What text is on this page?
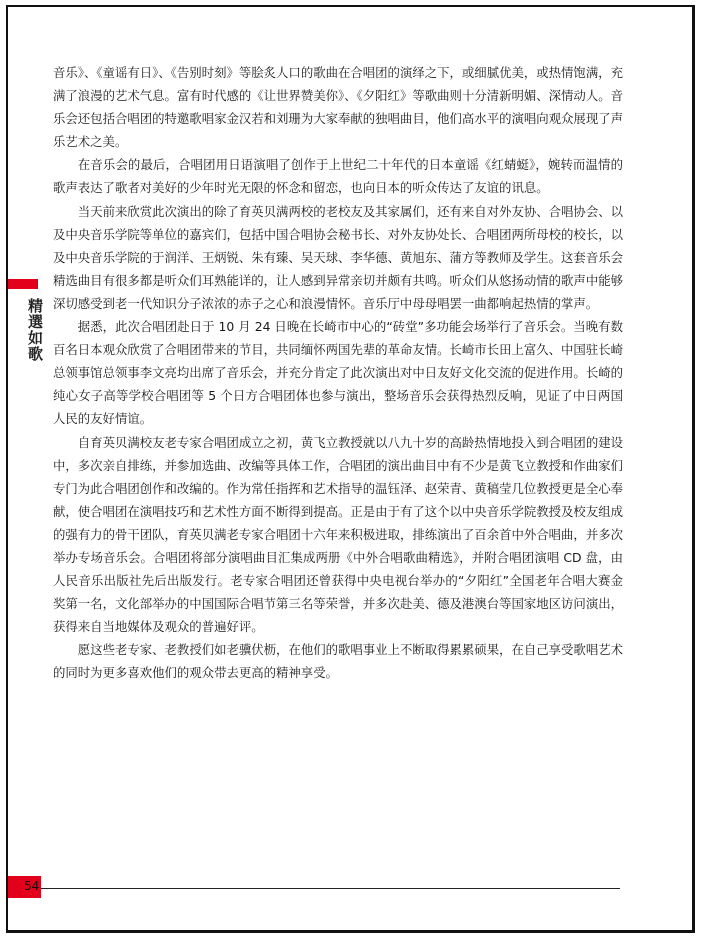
精選如歌

音乐》、《童谣有日》、《告别时刻》等脍炙人口的歌曲在合唱团的演绎之下，或细腻优美，或热情饱满，充满了浪漫的艺术气息。富有时代感的《让世界赞美你》、《夕阳红》等歌曲则十分清新明媚、深情动人。音乐会还包括合唱团的特邀歌唱家金汉若和刘珊为大家奉献的独唱曲目，他们高水平的演唱向观众展现了声乐艺术之美。

在音乐会的最后，合唱团用日语演唱了创作于上世纪二十年代的日本童谣《红蜻蜓》，婉转而温情的歌声表达了歌者对美好的少年时光无限的怀念和留恋，也向日本的听众传达了友谊的讯息。

当天前来欣赏此次演出的除了育英贝满两校的老校友及其家属们，还有来自对外友协、合唱协会、以及中央音乐学院等单位的嘉宾们，包括中国合唱协会秘书长、对外友协处长、合唱团两所母校的校长，以及中央音乐学院的于润洋、王炳锐、朱有臻、吴天球、李华德、黄旭东、蒲方等教师及学生。这套音乐会精选曲目有很多都是听众们耳熟能详的，让人感到异常亲切并颇有共鸣。听众们从悠扬动情的歌声中能够深切感受到老一代知识分子浓浓的赤子之心和浪漫情怀。音乐厅中母母唱罢一曲都响起热情的掌声。

据悉，此次合唱团赴日于 10 月 24 日晚在长崎市中心的“砖堂”多功能会场举行了音乐会。当晚有数百名日本观众欣赏了合唱团带来的节目，共同缅怀两国先辈的革命友情。长崎市长田上富久、中国驻长崎总领事馆总领事李文亮均出席了音乐会，并充分肯定了此次演出对中日友好文化交流的促进作用。长崎的纯心女子高等学校合唱团等 5 个日方合唱团体也参与演出，整场音乐会获得热烈反响，见证了中日两国人民的友好情谊。

自育英贝满校友老专家合唱团成立之初，黄飞立教授就以八九十岁的高龄热情地投入到合唱团的建设中，多次亲自排练，并参加选曲、改编等具体工作，合唱团的演出曲目中有不少是黄飞立教授和作曲家们专门为此合唱团创作和改编的。作为常任指挥和艺术指导的温钰泽、赵荣青、黄稿莹几位教授更是全心奉献，使合唱团在演唱技巧和艺术性方面不断得到提高。正是由于有了这个以中央音乐学院教授及校友组成的强有力的骨干团队，育英贝满老专家合唱团十六年来积极进取，排练演出了百余首中外合唱曲，并多次举办专场音乐会。合唱团将部分演唱曲目汇集成两册《中外合唱歌曲精选》，并附合唱团演唱 CD 盘，由人民音乐出版社先后出版发行。老专家合唱团还曾获得中央电视台举办的“夕阳红”全国老年合唱大赛金奖第一名，文化部举办的中国国际合唱节第三名等荣誉，并多次赴美、德及港澳台等国家地区访问演出，获得来自当地媒体及观众的普遍好评。

愿这些老专家、老教授们如老骥伏枥，在他们的歌唱事业上不断取得累累硕果，在自己享受歌唱艺术的同时为更多喜欢他们的观众带去更高的精神享受。

54
